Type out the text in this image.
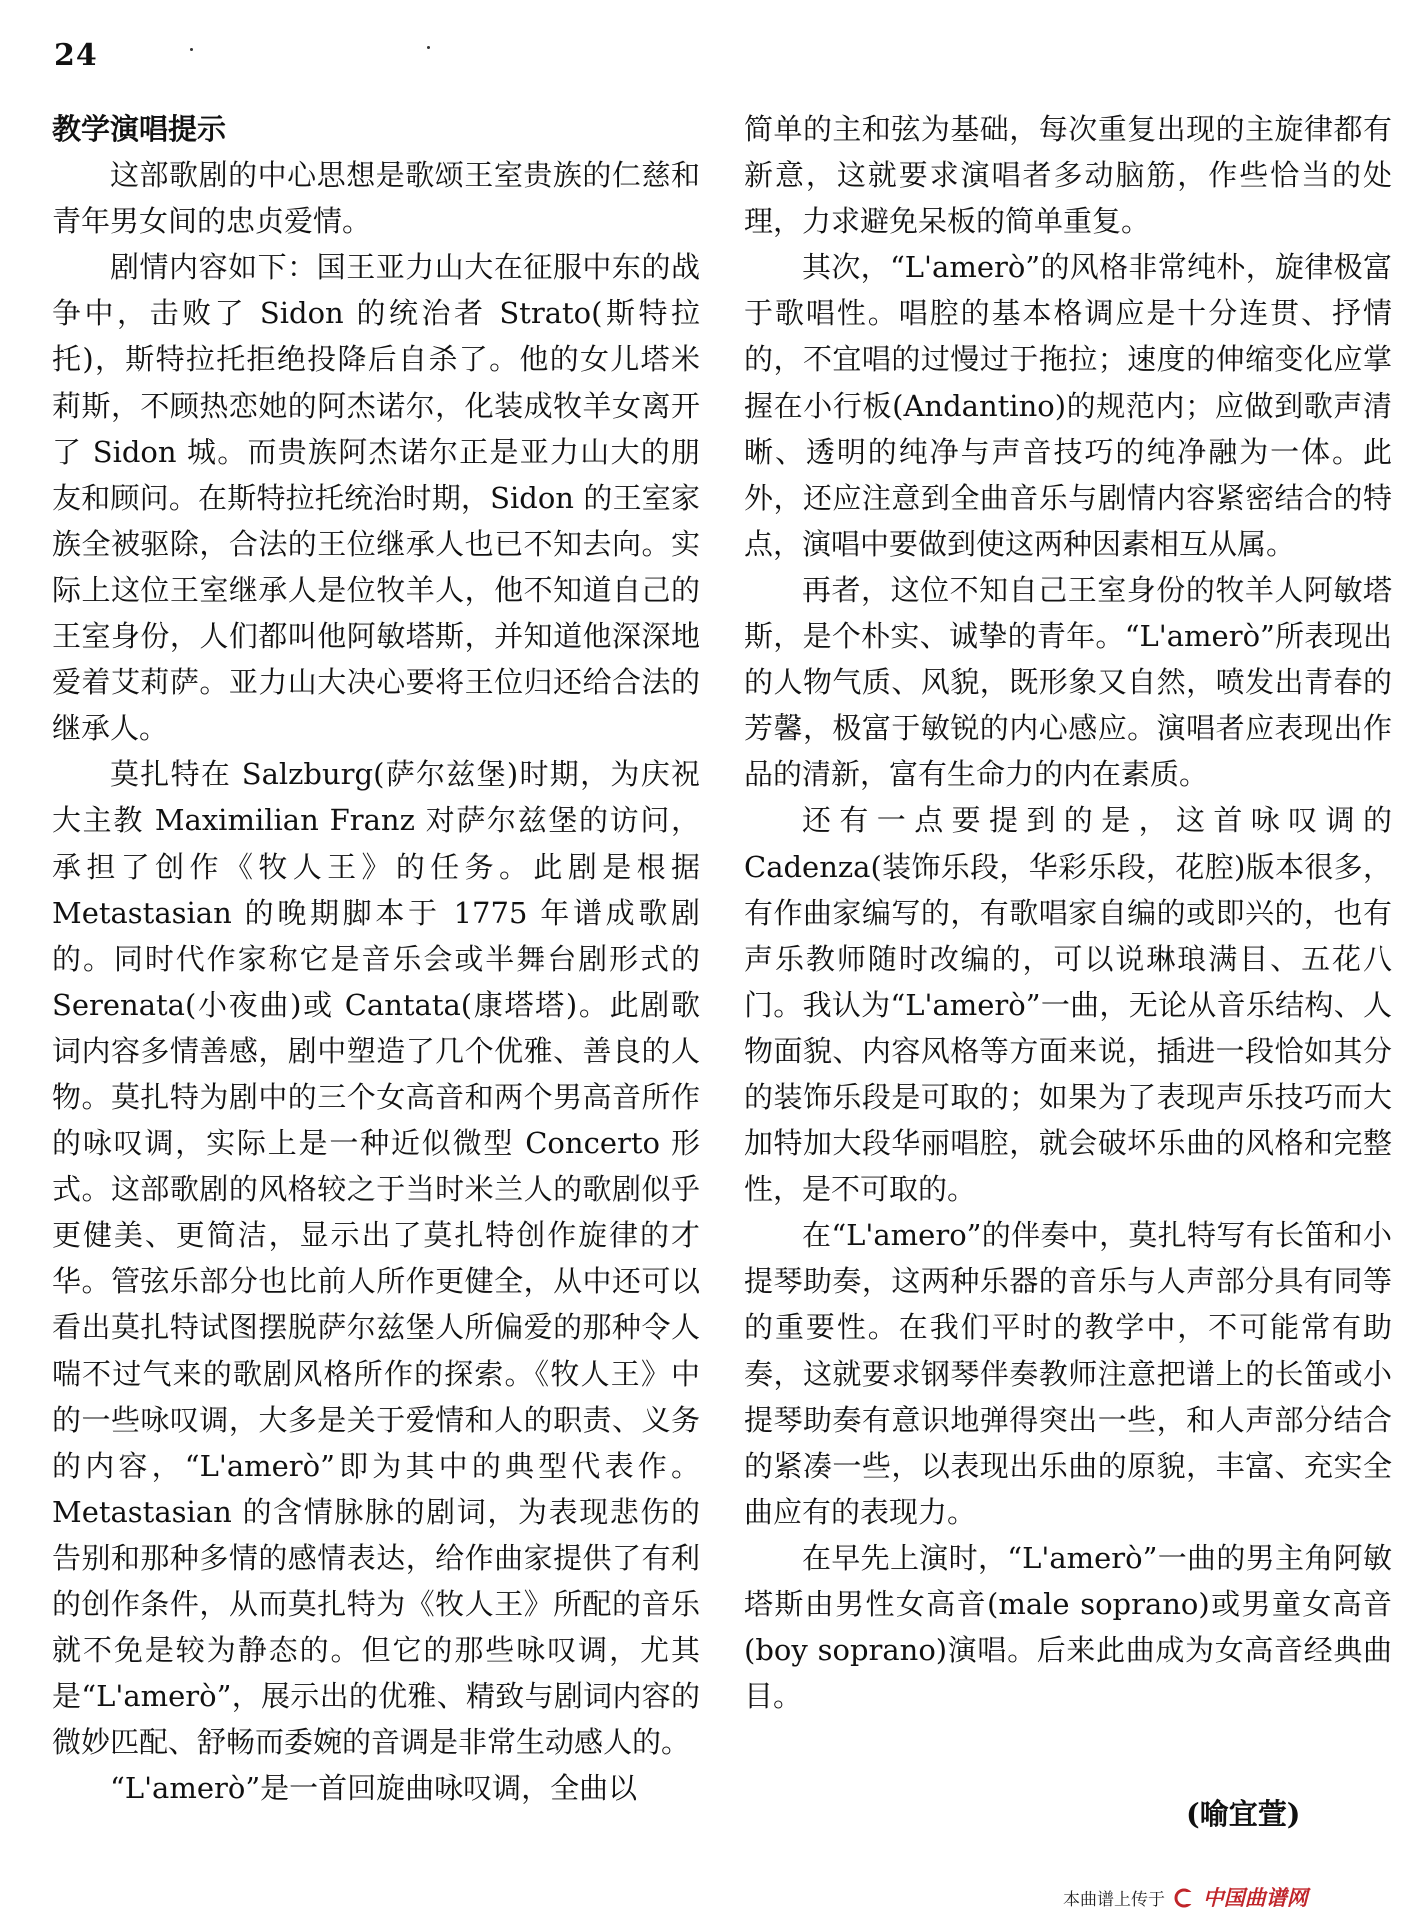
24
教学演唱提示

这部歌剧的中心思想是歌颂王室贵族的仁慈和青年男女间的忠贞爱情。

剧情内容如下：国王亚力山大在征服中东的战争中，击败了 Sidon 的统治者 Strato(斯特拉托)，斯特拉托拒绝投降后自杀了。他的女儿塔米莉斯，不顾热恋她的阿杰诺尔，化装成牧羊女离开了 Sidon 城。而贵族阿杰诺尔正是亚力山大的朋友和顾问。在斯特拉托统治时期，Sidon 的王室家族全被驱除，合法的王位继承人也已不知去向。实际上这位王室继承人是位牧羊人，他不知道自己的王室身份，人们都叫他阿敏塔斯，并知道他深深地爱着艾莉萨。亚力山大决心要将王位归还给合法的继承人。

莫扎特在 Salzburg(萨尔兹堡)时期，为庆祝大主教 Maximilian Franz 对萨尔兹堡的访问，承担了创作《牧人王》的任务。此剧是根据 Metastasian 的晚期脚本于 1775 年谱成歌剧的。同时代作家称它是音乐会或半舞台剧形式的 Serenata(小夜曲)或 Cantata(康塔塔)。此剧歌词内容多情善感，剧中塑造了几个优雅、善良的人物。莫扎特为剧中的三个女高音和两个男高音所作的咏叹调，实际上是一种近似微型 Concerto 形式。这部歌剧的风格较之于当时米兰人的歌剧似乎更健美、更简洁，显示出了莫扎特创作旋律的才华。管弦乐部分也比前人所作更健全，从中还可以看出莫扎特试图摆脱萨尔兹堡人所偏爱的那种令人喘不过气来的歌剧风格所作的探索。《牧人王》中的一些咏叹调，大多是关于爱情和人的职责、义务的内容，“L'amerò”即为其中的典型代表作。Metastasian 的含情脉脉的剧词，为表现悲伤的告别和那种多情的感情表达，给作曲家提供了有利的创作条件，从而莫扎特为《牧人王》所配的音乐就不免是较为静态的。但它的那些咏叹调，尤其是“L'amerò”，展示出的优雅、精致与剧词内容的微妙匹配、舒畅而委婉的音调是非常生动感人的。

“L'amerò”是一首回旋曲咏叹调，全曲以

简单的主和弦为基础，每次重复出现的主旋律都有新意，这就要求演唱者多动脑筋，作些恰当的处理，力求避免呆板的简单重复。

其次，“L'amerò”的风格非常纯朴，旋律极富于歌唱性。唱腔的基本格调应是十分连贯、抒情的，不宜唱的过慢过于拖拉；速度的伸缩变化应掌握在小行板(Andantino)的规范内；应做到歌声清晰、透明的纯净与声音技巧的纯净融为一体。此外，还应注意到全曲音乐与剧情内容紧密结合的特点，演唱中要做到使这两种因素相互从属。

再者，这位不知自己王室身份的牧羊人阿敏塔斯，是个朴实、诚挚的青年。“L'amerò”所表现出的人物气质、风貌，既形象又自然，喷发出青春的芳馨，极富于敏锐的内心感应。演唱者应表现出作品的清新，富有生命力的内在素质。

还有一点要提到的是，这首咏叹调的 Cadenza(装饰乐段，华彩乐段，花腔)版本很多，有作曲家编写的，有歌唱家自编的或即兴的，也有声乐教师随时改编的，可以说琳琅满目、五花八门。我认为“L'amerò”一曲，无论从音乐结构、人物面貌、内容风格等方面来说，插进一段恰如其分的装饰乐段是可取的；如果为了表现声乐技巧而大加特加大段华丽唱腔，就会破坏乐曲的风格和完整性，是不可取的。

在“L'amero”的伴奏中，莫扎特写有长笛和小提琴助奏，这两种乐器的音乐与人声部分具有同等的重要性。在我们平时的教学中，不可能常有助奏，这就要求钢琴伴奏教师注意把谱上的长笛或小提琴助奏有意识地弹得突出一些，和人声部分结合的紧凑一些，以表现出乐曲的原貌，丰富、充实全曲应有的表现力。

在早先上演时，“L'amerò”一曲的男主角阿敏塔斯由男性女高音(male soprano)或男童女高音(boy soprano)演唱。后来此曲成为女高音经典曲目。

(喻宜萱)
本曲谱上传于 中国曲谱网
